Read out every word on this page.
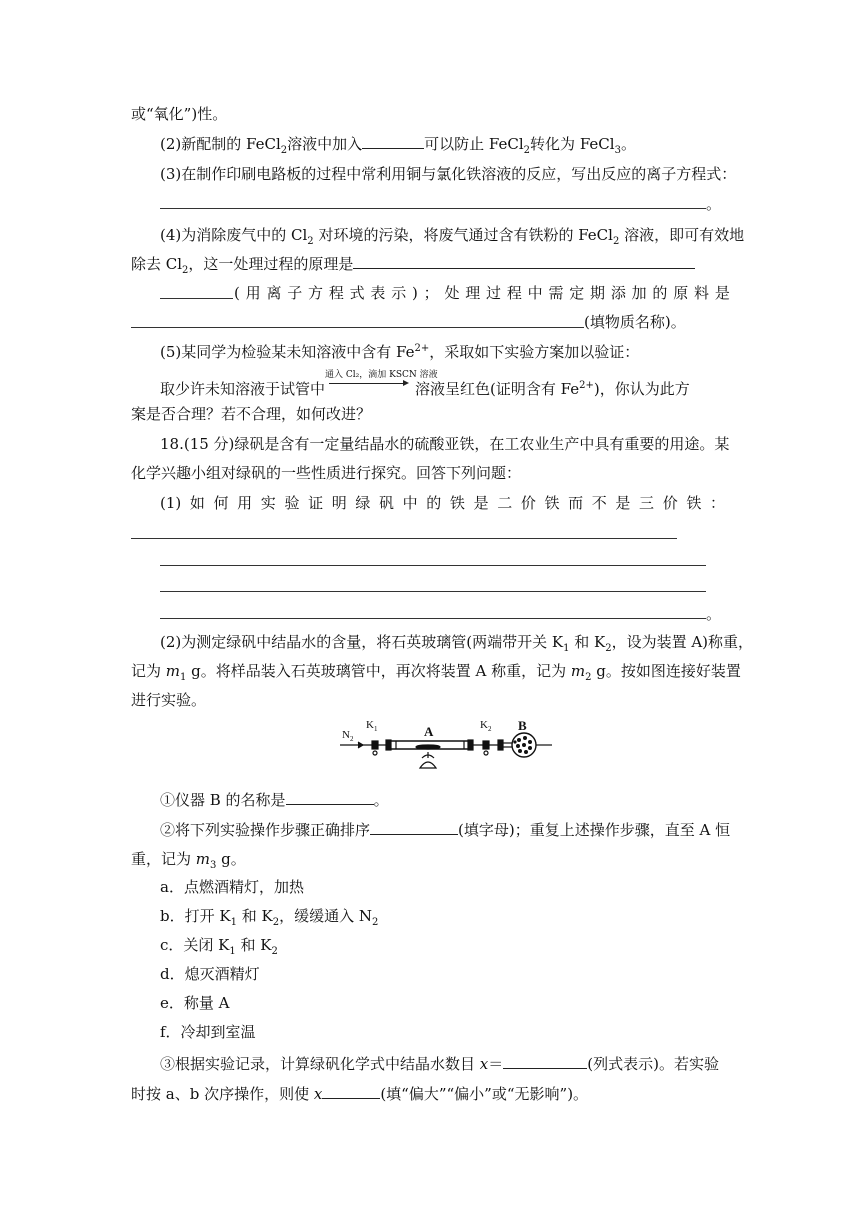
或“氧化”)性。
(2)新配制的 FeCl$_2$溶液中加入	可以防止 FeCl$_2$转化为 FeCl$_3$。
(3)在制作印刷电路板的过程中常利用铜与氯化铁溶液的反应，写出反应的离子方程式：
。
(4)为消除废气中的 $Cl_2$ 对环境的污染，将废气通过含有铁粉的 FeCl$_2$ 溶液，即可有效地
除去 $Cl_2$，这一处理过程的原理是
( 用 离 子 方 程 式 表 示 ) ； 处 理 过 程 中 需 定 期 添 加 的 原 料 是
(填物质名称)。
(5)某同学为检验某未知溶液中含有 $Fe^{2+}$，采取如下实验方案加以验证：
取少许未知溶液于试管中
通入 Cl₂，滴加 KSCN 溶液
溶液呈红色(证明含有 $Fe^{2+}$)，你认为此方
案是否合理？若不合理，如何改进？
18.(15 分)绿矾是含有一定量结晶水的硫酸亚铁，在工农业生产中具有重要的用途。某
化学兴趣小组对绿矾的一些性质进行探究。回答下列问题：
(1) 如 何 用 实 验 证 明 绿 矾 中 的 铁 是 二 价 铁 而 不 是 三 价 铁 ：
。
(2)为测定绿矾中结晶水的含量，将石英玻璃管(两端带开关 $K_1$ 和 $K_2$，设为装置 A)称重，
记为 $m_1$ g。将样品装入石英玻璃管中，再次将装置 A 称重，记为 $m_2$ g。按如图连接好装置
进行实验。
$N_2$
$K_1$	A	$K_2$ B
①仪器 B 的名称是	。
②将下列实验操作步骤正确排序	(填字母)；重复上述操作步骤，直至 A 恒
重，记为 $m_3$ g。
a．点燃酒精灯，加热
b．打开 $K_1$ 和 $K_2$，缓缓通入 $N_2$
c．关闭 $K_1$ 和 $K_2$
d．熄灭酒精灯
e．称量 A
f．冷却到室温
③根据实验记录，计算绿矾化学式中结晶水数目 x＝	(列式表示)。若实验
时按 a、b 次序操作，则使 x	(填“偏大”“偏小”或“无影响”)。
